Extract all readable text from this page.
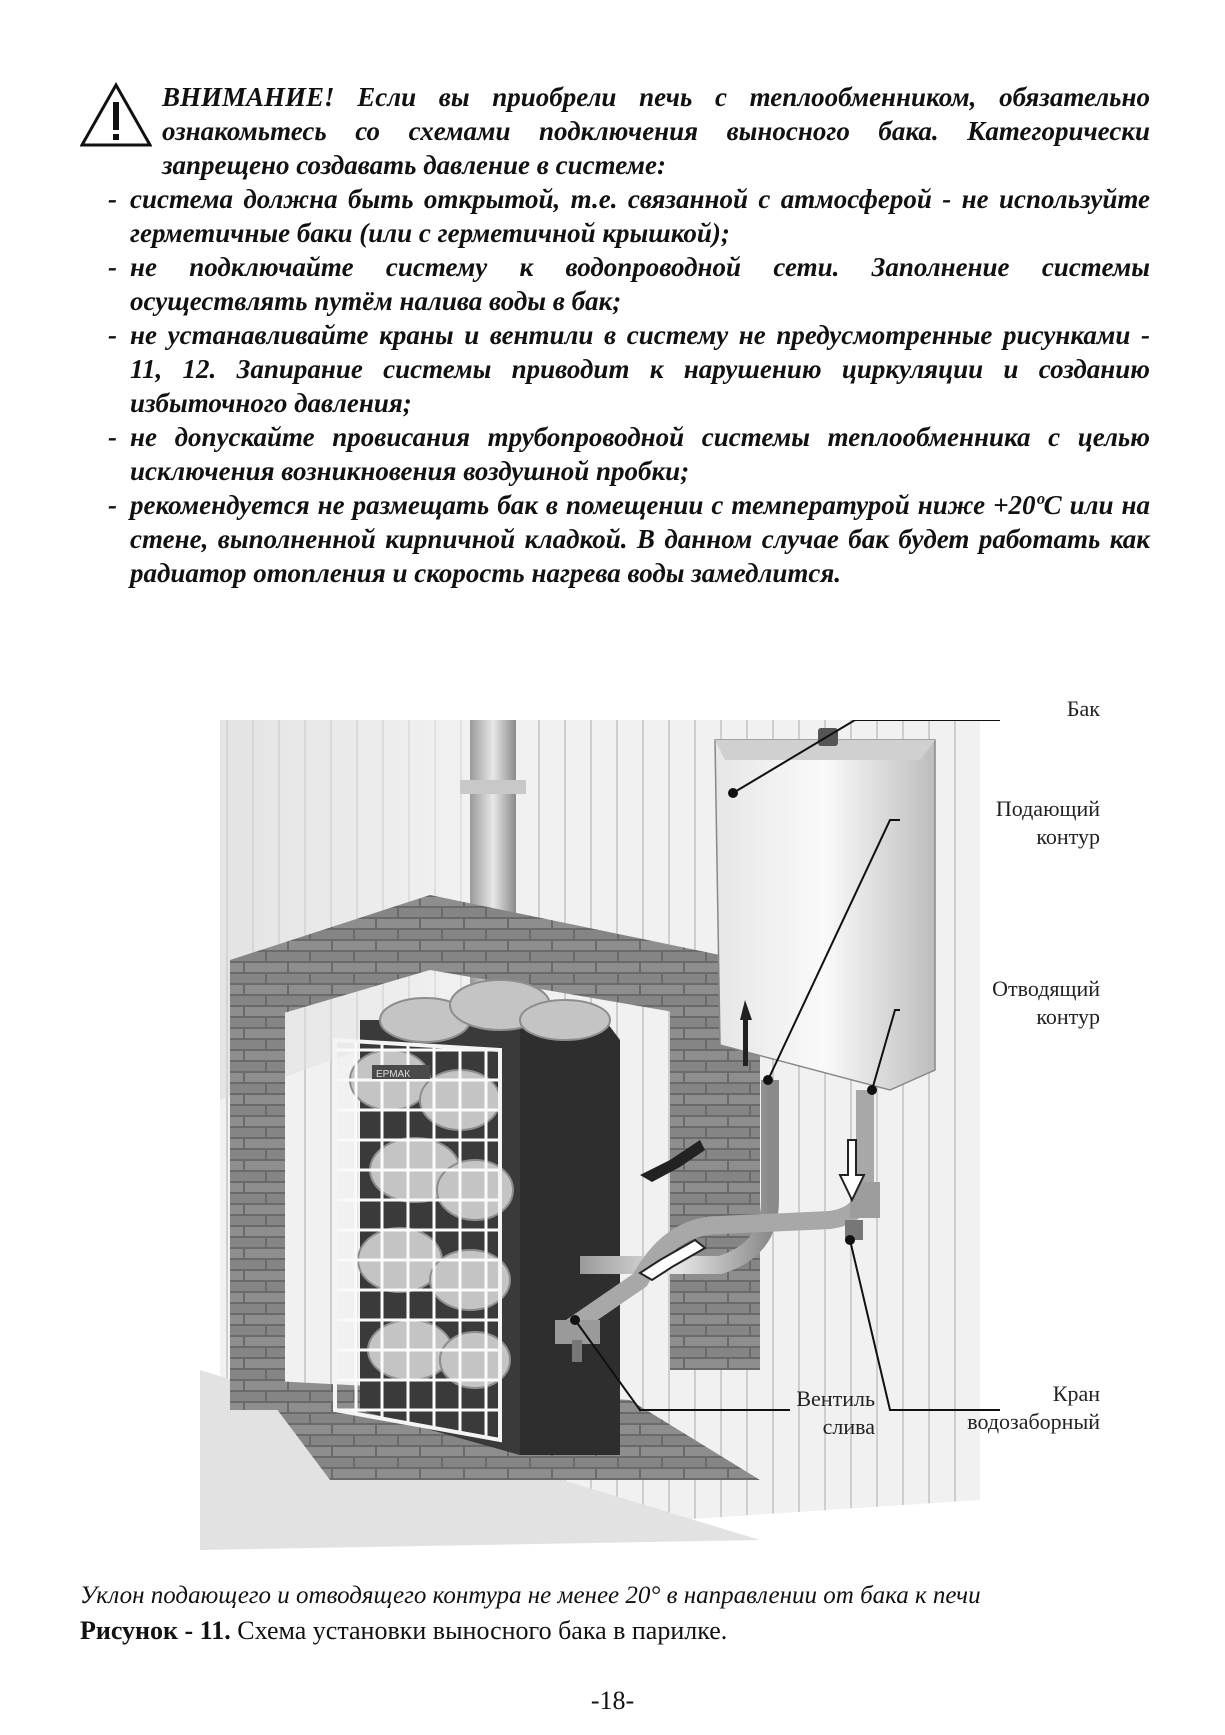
ВНИМАНИЕ! Если вы приобрели печь с теплообменником, обязательно ознакомьтесь со схемами подключения выносного бака. Категорически запрещено создавать давление в системе:
- система должна быть открытой, т.е. связанной с атмосферой - не используйте герметичные баки (или с герметичной крышкой);
- не подключайте систему к водопроводной сети. Заполнение системы осуществлять путём налива воды в бак;
- не устанавливайте краны и вентили в систему не предусмотренные рисунками - 11, 12. Запирание системы приводит к нарушению циркуляции и созданию избыточного давления;
- не допускайте провисания трубопроводной системы теплообменника с целью исключения возникновения воздушной пробки;
- рекомендуется не размещать бак в помещении с температурой ниже +20ºС или на стене, выполненной кирпичной кладкой. В данном случае бак будет работать как радиатор отопления и скорость нагрева воды замедлится.
ЕРМАК
Бак
Подающий
контур
Отводящий
контур
Вентиль
слива
Кран
водозаборный
Уклон подающего и отводящего контура не менее 20° в направлении от бака к печи
Рисунок - 11. Схема установки выносного бака в парилке.
-18-
